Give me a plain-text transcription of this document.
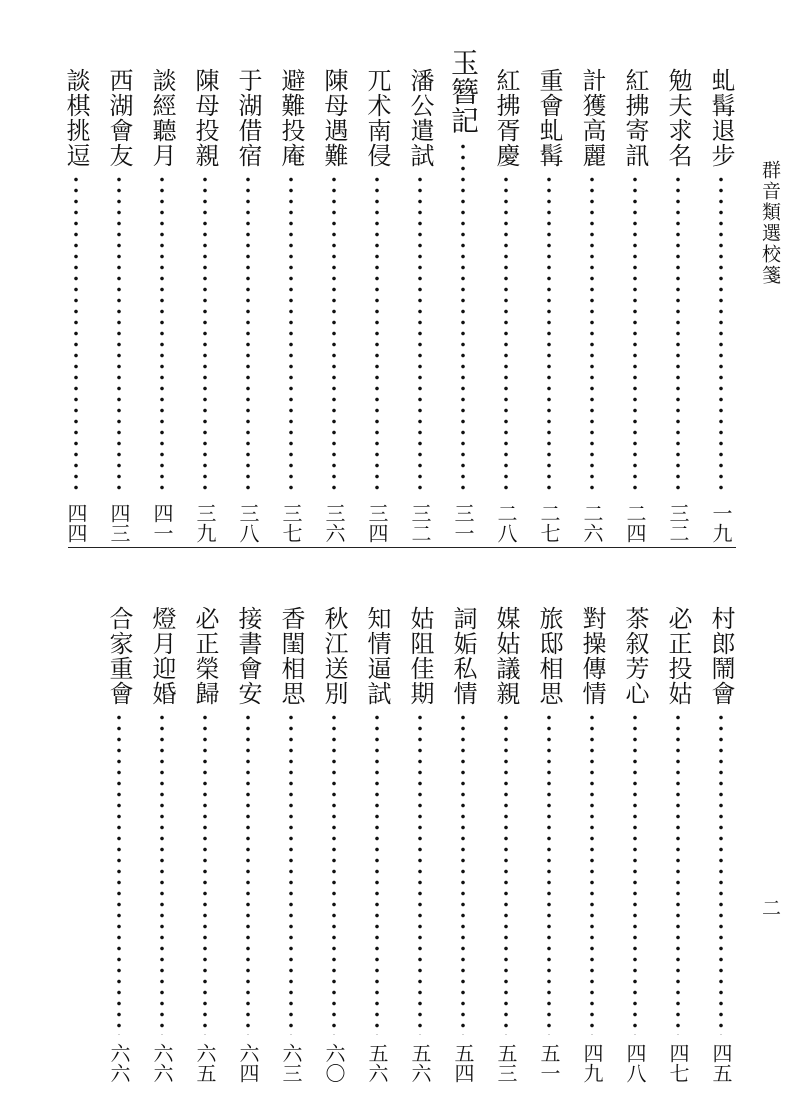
群音類選校箋
二
虬髯退步
一九
勉夫求名
三二
紅拂寄訊
二四
計獲高麗
二六
重會虬髯
二七
紅拂胥慶
二八
玉簪記
三一
潘公遣試
三二
兀术南侵
三四
陳母遇難
三六
避難投庵
三七
于湖借宿
三八
陳母投親
三九
談經聽月
四一
西湖會友
四三
談棋挑逗
四四
村郎鬧會
四五
必正投姑
四七
茶叙芳心
四八
對操傳情
四九
旅邸相思
五一
媒姑議親
五三
詞姤私情
五四
姑阻佳期
五六
知情逼試
五六
秋江送別
六〇
香閨相思
六三
接書會安
六四
必正榮歸
六五
燈月迎婚
六六
合家重會
六六
